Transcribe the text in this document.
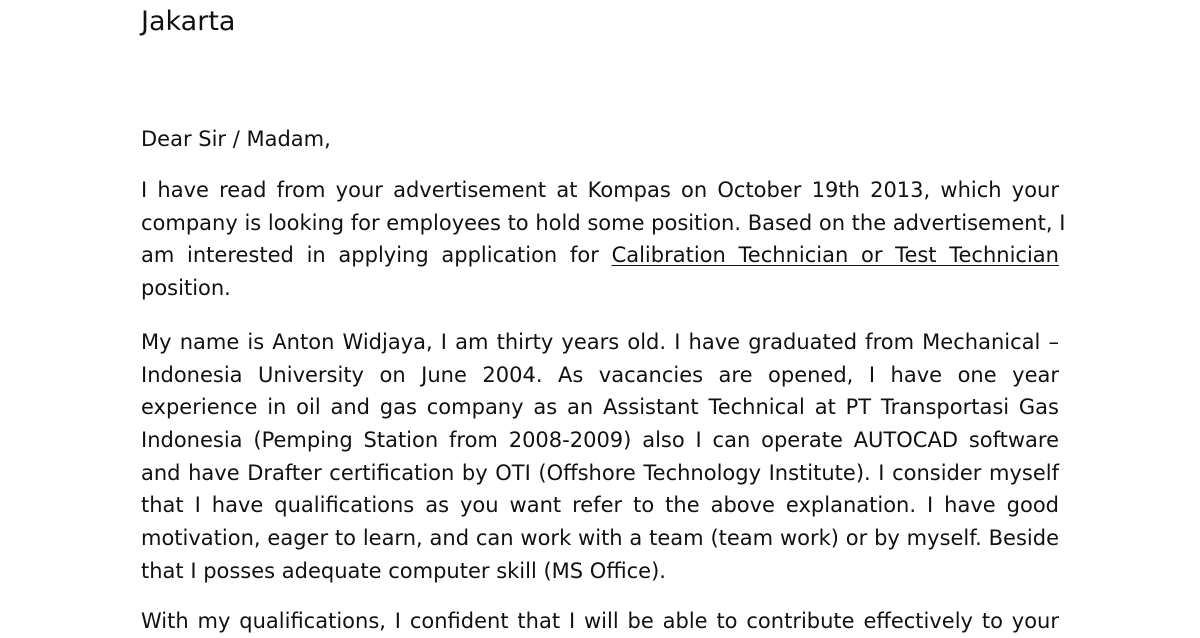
Jakarta
Dear Sir / Madam,
I have read from your advertisement at Kompas on October 19th 2013, which your
company is looking for employees to hold some position. Based on the advertisement, I
am interested in applying application for Calibration Technician or Test Technician
position.
My name is Anton Widjaya, I am thirty years old. I have graduated from Mechanical –
Indonesia University on June 2004. As vacancies are opened, I have one year
experience in oil and gas company as an Assistant Technical at PT Transportasi Gas
Indonesia (Pemping Station from 2008-2009) also I can operate AUTOCAD software
and have Drafter certification by OTI (Offshore Technology Institute). I consider myself
that I have qualifications as you want refer to the above explanation. I have good
motivation, eager to learn, and can work with a team (team work) or by myself. Beside
that I posses adequate computer skill (MS Office).
With my qualifications, I confident that I will be able to contribute effectively to your
